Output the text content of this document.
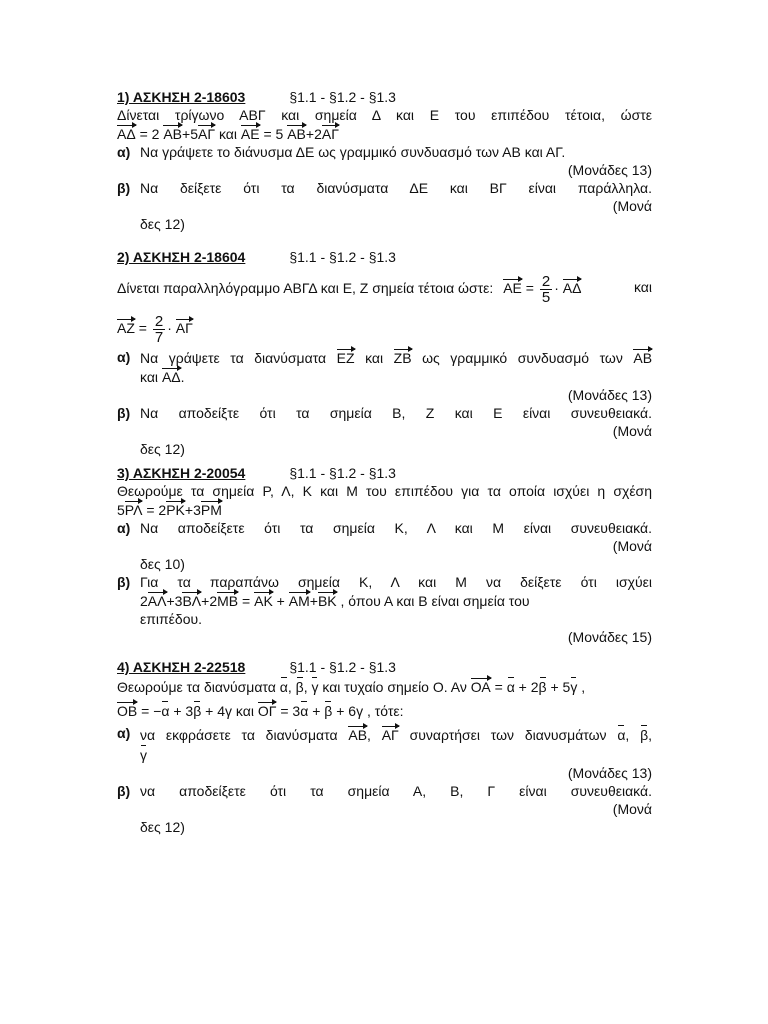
1) ΑΣΚΗΣΗ 2-18603	§1.1 - §1.2 - §1.3
Δίνεται τρίγωνο ΑΒΓ και σημεία Δ και Ε του επιπέδου τέτοια, ώστε
ΑΔ = 2 ΑΒ+5ΑΓ και ΑΕ = 5 ΑΒ+2ΑΓ
α) Να γράψετε το διάνυσμα ΔΕ ως γραμμικό συνδυασμό των ΑΒ και ΑΓ.
(Μονάδες 13)
β) Να δείξετε ότι τα διανύσματα ΔΕ και ΒΓ είναι παράλληλα.
(Μονά
δες 12)
2) ΑΣΚΗΣΗ 2-18604	§1.1 - §1.2 - §1.3
Δίνεται παραλληλόγραμμο ΑΒΓΔ και Ε, Ζ σημεία τέτοια ώστε: $AE = \frac{2}{5} \cdot A\Delta$	και
$AZ = \frac{2}{7} \cdot A\Gamma$
α) Να γράψετε τα διανύσματα ΕΖ και ΖΒ ως γραμμικό συνδυασμό των ΑΒ
και ΑΔ.
(Μονάδες 13)
β) Να αποδείξτε ότι τα σημεία Β, Ζ και Ε είναι συνευθειακά.
(Μονά
δες 12)
3) ΑΣΚΗΣΗ 2-20054	§1.1 - §1.2 - §1.3
Θεωρούμε τα σημεία Ρ, Λ, Κ και Μ του επιπέδου για τα οποία ισχύει η σχέση
5ΡΛ = 2ΡΚ+3ΡΜ
α) Να αποδείξετε ότι τα σημεία Κ, Λ και Μ είναι συνευθειακά.
(Μονά
δες 10)
β) Για τα παραπάνω σημεία Κ, Λ και Μ να δείξετε ότι ισχύει
2ΑΛ+3ΒΛ+2ΜΒ = ΑΚ + ΑΜ+ΒΚ , όπου Α και Β είναι σημεία του
επιπέδου.
(Μονάδες 15)
4) ΑΣΚΗΣΗ 2-22518	§1.1 - §1.2 - §1.3
Θεωρούμε τα διανύσματα α, β, γ και τυχαίο σημείο Ο. Αν ΟΑ = α + 2β + 5γ ,
ΟΒ = −α + 3β + 4γ και ΟΓ = 3α + β + 6γ , τότε:
α) να εκφράσετε τα διανύσματα ΑΒ, ΑΓ συναρτήσει των διανυσμάτων α, β,
γ
(Μονάδες 13)
β) να αποδείξετε ότι τα σημεία Α, Β, Γ είναι συνευθειακά.
(Μονά
δες 12)
